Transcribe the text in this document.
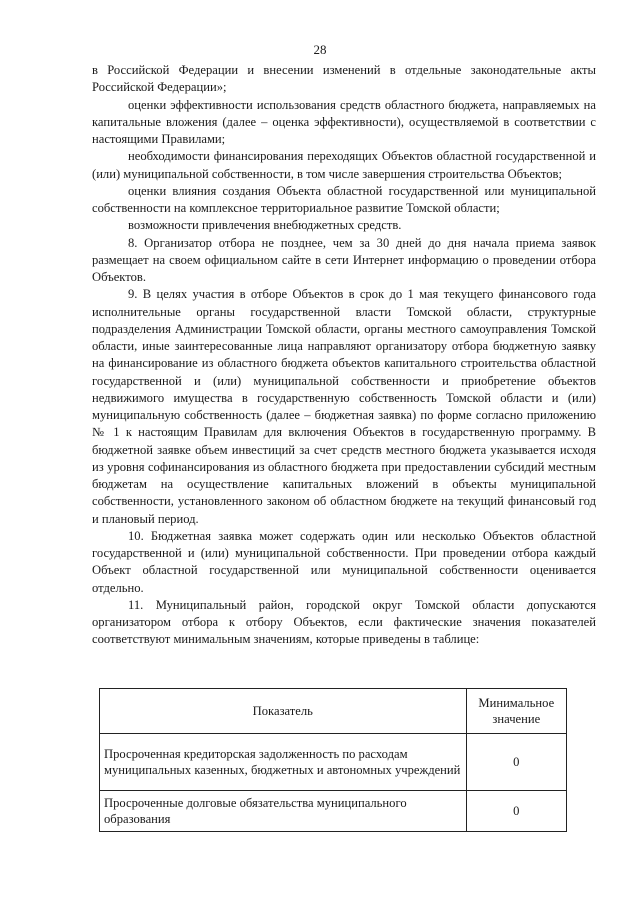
28

в Российской Федерации и внесении изменений в отдельные законодательные акты Российской Федерации»;

оценки эффективности использования средств областного бюджета, направляемых на капитальные вложения (далее – оценка эффективности), осуществляемой в соответствии с настоящими Правилами;

необходимости финансирования переходящих Объектов областной государственной и (или) муниципальной собственности, в том числе завершения строительства Объектов;

оценки влияния создания Объекта областной государственной или муниципальной собственности на комплексное территориальное развитие Томской области;

возможности привлечения внебюджетных средств.

8. Организатор отбора не позднее, чем за 30 дней до дня начала приема заявок размещает на своем официальном сайте в сети Интернет информацию о проведении отбора Объектов.

9. В целях участия в отборе Объектов в срок до 1 мая текущего финансового года исполнительные органы государственной власти Томской области, структурные подразделения Администрации Томской области, органы местного самоуправления Томской области, иные заинтересованные лица направляют организатору отбора бюджетную заявку на финансирование из областного бюджета объектов капитального строительства областной государственной и (или) муниципальной собственности и приобретение объектов недвижимого имущества в государственную собственность Томской области и (или) муниципальную собственность (далее – бюджетная заявка) по форме согласно приложению № 1 к настоящим Правилам для включения Объектов в государственную программу. В бюджетной заявке объем инвестиций за счет средств местного бюджета указывается исходя из уровня софинансирования из областного бюджета при предоставлении субсидий местным бюджетам на осуществление капитальных вложений в объекты муниципальной собственности, установленного законом об областном бюджете на текущий финансовый год и плановый период.

10. Бюджетная заявка может содержать один или несколько Объектов областной государственной и (или) муниципальной собственности. При проведении отбора каждый Объект областной государственной или муниципальной собственности оценивается отдельно.

11. Муниципальный район, городской округ Томской области допускаются организатором отбора к отбору Объектов, если фактические значения показателей соответствуют минимальным значениям, которые приведены в таблице:

Показатель	Минимальное значение
Просроченная кредиторская задолженность по расходам муниципальных казенных, бюджетных и автономных учреждений	0
Просроченные долговые обязательства муниципального образования	0
